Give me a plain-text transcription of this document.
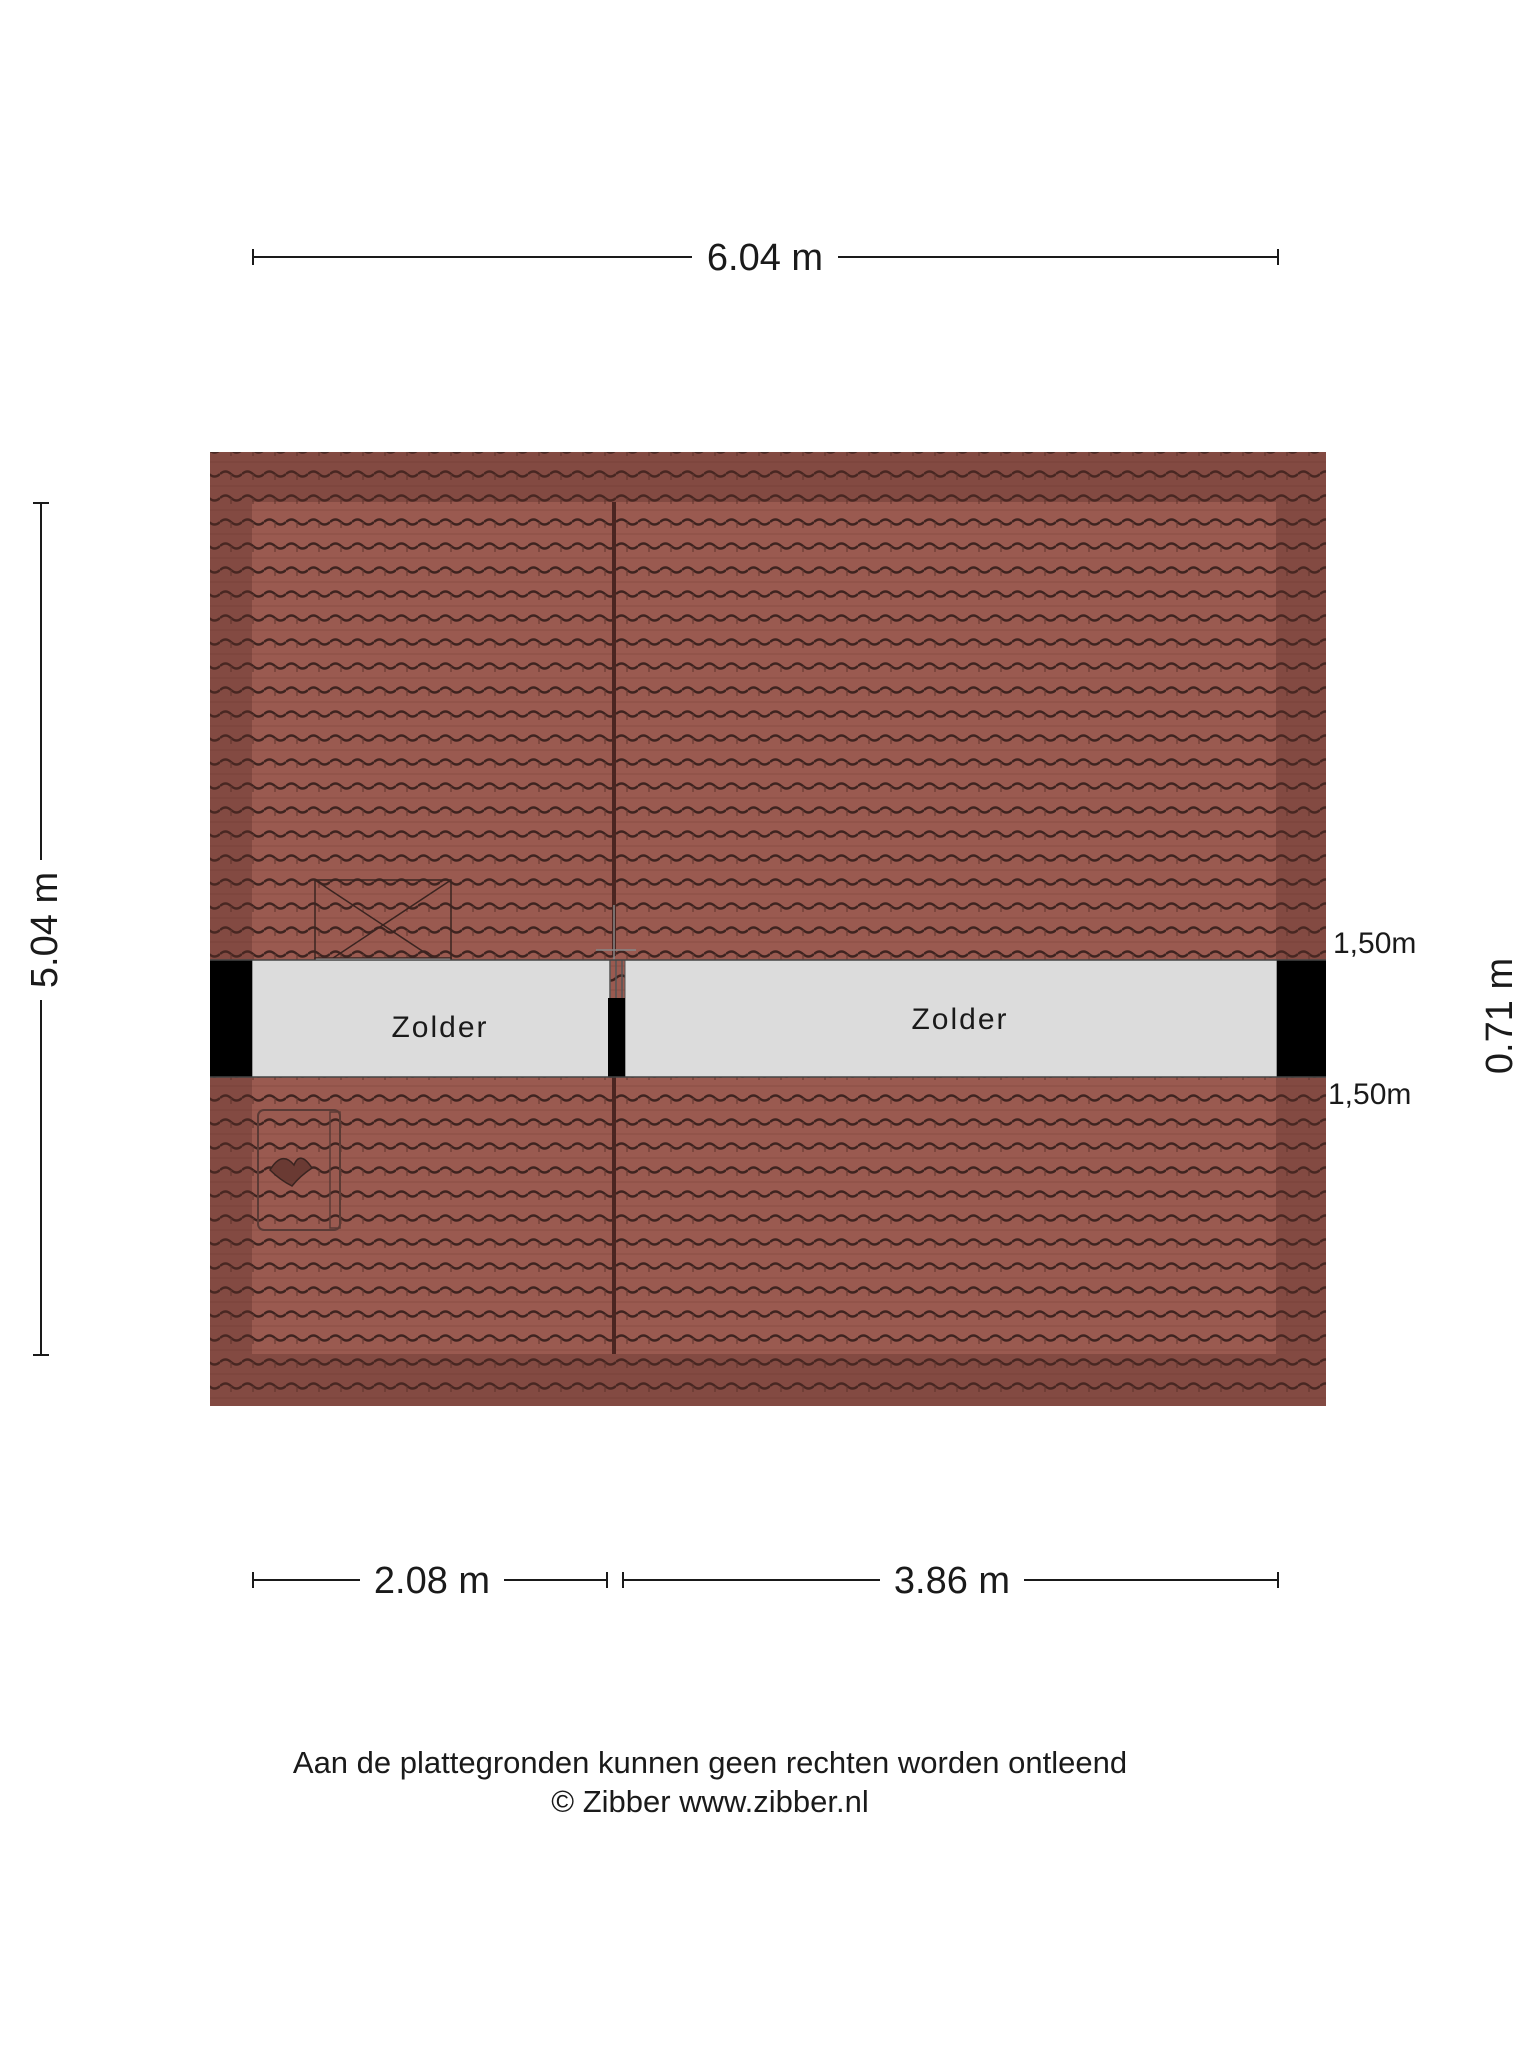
6.04 m
5.04 m
0.71 m
Zolder	Zolder
1,50m
1,50m
2.08 m	3.86 m
Aan de plattegronden kunnen geen rechten worden ontleend
© Zibber www.zibber.nl
